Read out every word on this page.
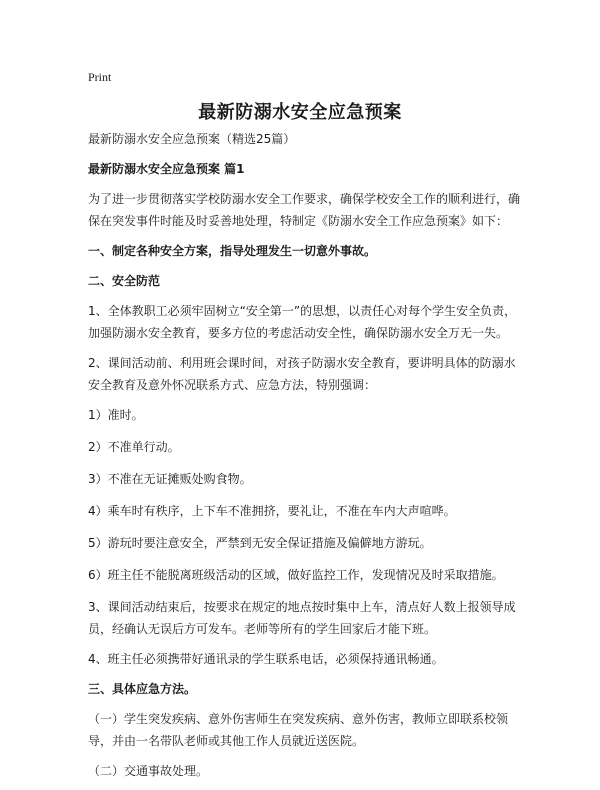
Print
最新防溺水安全应急预案

最新防溺水安全应急预案（精选25篇）

最新防溺水安全应急预案 篇1

为了进一步贯彻落实学校防溺水安全工作要求，确保学校安全工作的顺利进行，确保在突发事件时能及时妥善地处理，特制定《防溺水安全工作应急预案》如下：

一、制定各种安全方案，指导处理发生一切意外事故。

二、安全防范

1、全体教职工必须牢固树立“安全第一”的思想，以责任心对每个学生安全负责，加强防溺水安全教育，要多方位的考虑活动安全性，确保防溺水安全万无一失。

2、课间活动前、利用班会课时间，对孩子防溺水安全教育，要讲明具体的防溺水安全教育及意外怀况联系方式、应急方法，特别强调：

1）准时。

2）不准单行动。

3）不准在无证摊贩处购食物。

4）乘车时有秩序，上下车不准拥挤，要礼让，不准在车内大声喧哗。

5）游玩时要注意安全，严禁到无安全保证措施及偏僻地方游玩。

6）班主任不能脱离班级活动的区域，做好监控工作，发现情况及时采取措施。

3、课间活动结束后，按要求在规定的地点按时集中上车，清点好人数上报领导成员，经确认无误后方可发车。老师等所有的学生回家后才能下班。

4、班主任必须携带好通讯录的学生联系电话，必须保持通讯畅通。

三、具体应急方法。

（一）学生突发疾病、意外伤害师生在突发疾病、意外伤害，教师立即联系校领导，并由一名带队老师或其他工作人员就近送医院。

（二）交通事故处理。
